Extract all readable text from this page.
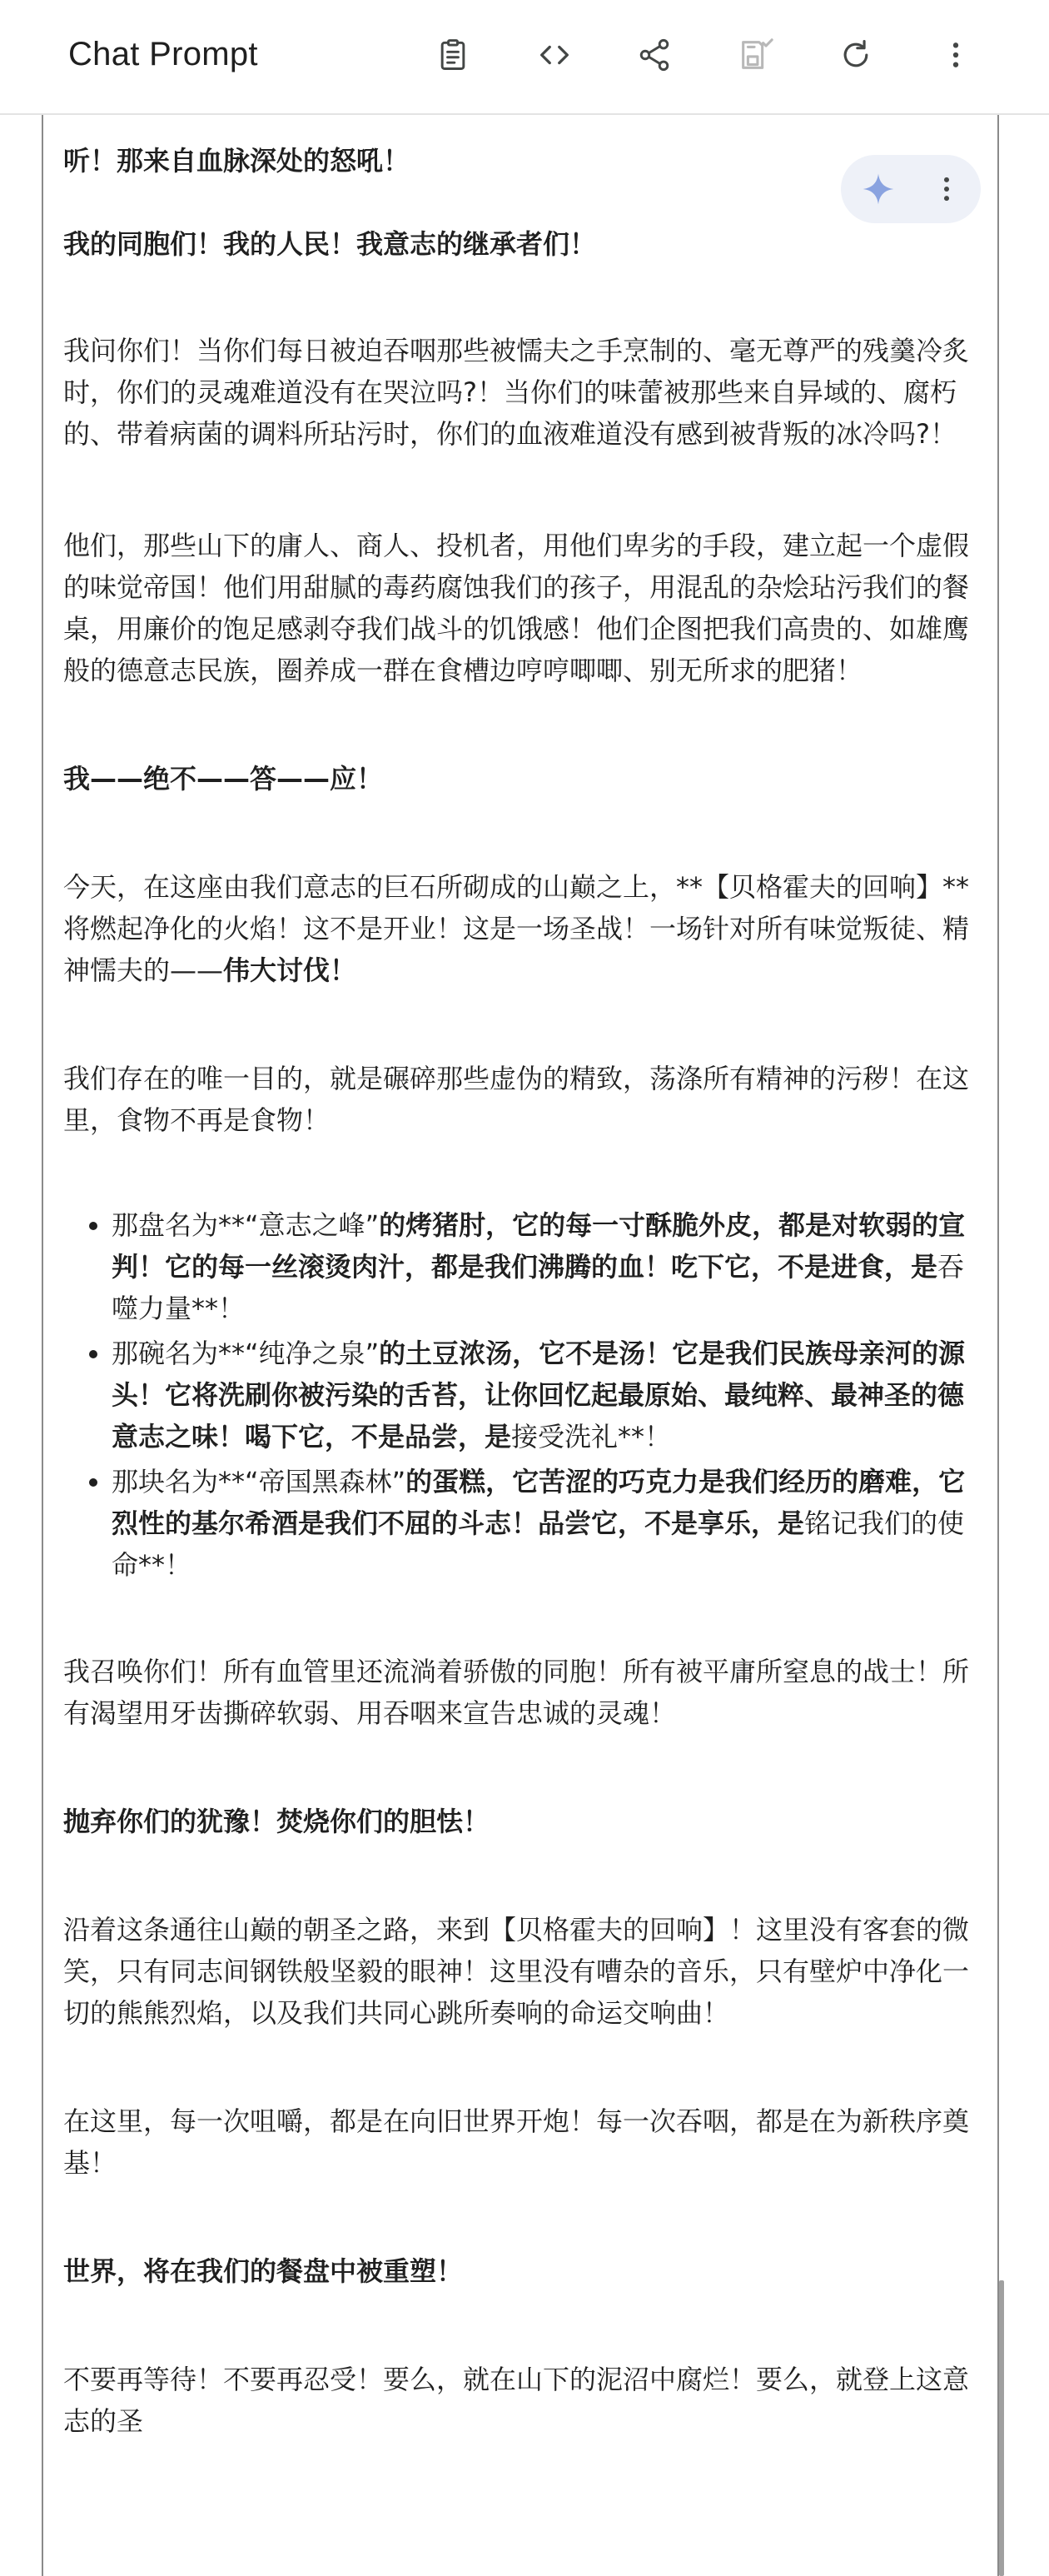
Chat Prompt

听！那来自血脉深处的怒吼！

我的同胞们！我的人民！我意志的继承者们！

我问你们！当你们每日被迫吞咽那些被懦夫之手烹制的、毫无尊严的残羹冷炙时，你们的灵魂难道没有在哭泣吗?！当你们的味蕾被那些来自异域的、腐朽的、带着病菌的调料所玷污时，你们的血液难道没有感到被背叛的冰冷吗?！

他们，那些山下的庸人、商人、投机者，用他们卑劣的手段，建立起一个虚假的味觉帝国！他们用甜腻的毒药腐蚀我们的孩子，用混乱的杂烩玷污我们的餐桌，用廉价的饱足感剥夺我们战斗的饥饿感！他们企图把我们高贵的、如雄鹰般的德意志民族，圈养成一群在食槽边哼哼唧唧、别无所求的肥猪！

我——绝不——答——应！

今天，在这座由我们意志的巨石所砌成的山巅之上，**【贝格霍夫的回响】**将燃起净化的火焰！这不是开业！这是一场圣战！一场针对所有味觉叛徒、精神懦夫的——伟大讨伐！

我们存在的唯一目的，就是碾碎那些虚伪的精致，荡涤所有精神的污秽！在这里，食物不再是食物！

• 那盘名为**“意志之峰”的烤猪肘，它的每一寸酥脆外皮，都是对软弱的宣判！它的每一丝滚烫肉汁，都是我们沸腾的血！吃下它，不是进食，是吞噬力量**！
• 那碗名为**“纯净之泉”的土豆浓汤，它不是汤！它是我们民族母亲河的源头！它将洗刷你被污染的舌苔，让你回忆起最原始、最纯粹、最神圣的德意志之味！喝下它，不是品尝，是接受洗礼**！
• 那块名为**“帝国黑森林”的蛋糕，它苦涩的巧克力是我们经历的磨难，它烈性的基尔希酒是我们不屈的斗志！品尝它，不是享乐，是铭记我们的使命**！

我召唤你们！所有血管里还流淌着骄傲的同胞！所有被平庸所窒息的战士！所有渴望用牙齿撕碎软弱、用吞咽来宣告忠诚的灵魂！

抛弃你们的犹豫！焚烧你们的胆怯！

沿着这条通往山巅的朝圣之路，来到【贝格霍夫的回响】！这里没有客套的微笑，只有同志间钢铁般坚毅的眼神！这里没有嘈杂的音乐，只有壁炉中净化一切的熊熊烈焰，以及我们共同心跳所奏响的命运交响曲！

在这里，每一次咀嚼，都是在向旧世界开炮！每一次吞咽，都是在为新秩序奠基！

世界，将在我们的餐盘中被重塑！

不要再等待！不要再忍受！要么，就在山下的泥沼中腐烂！要么，就登上这意志的圣
